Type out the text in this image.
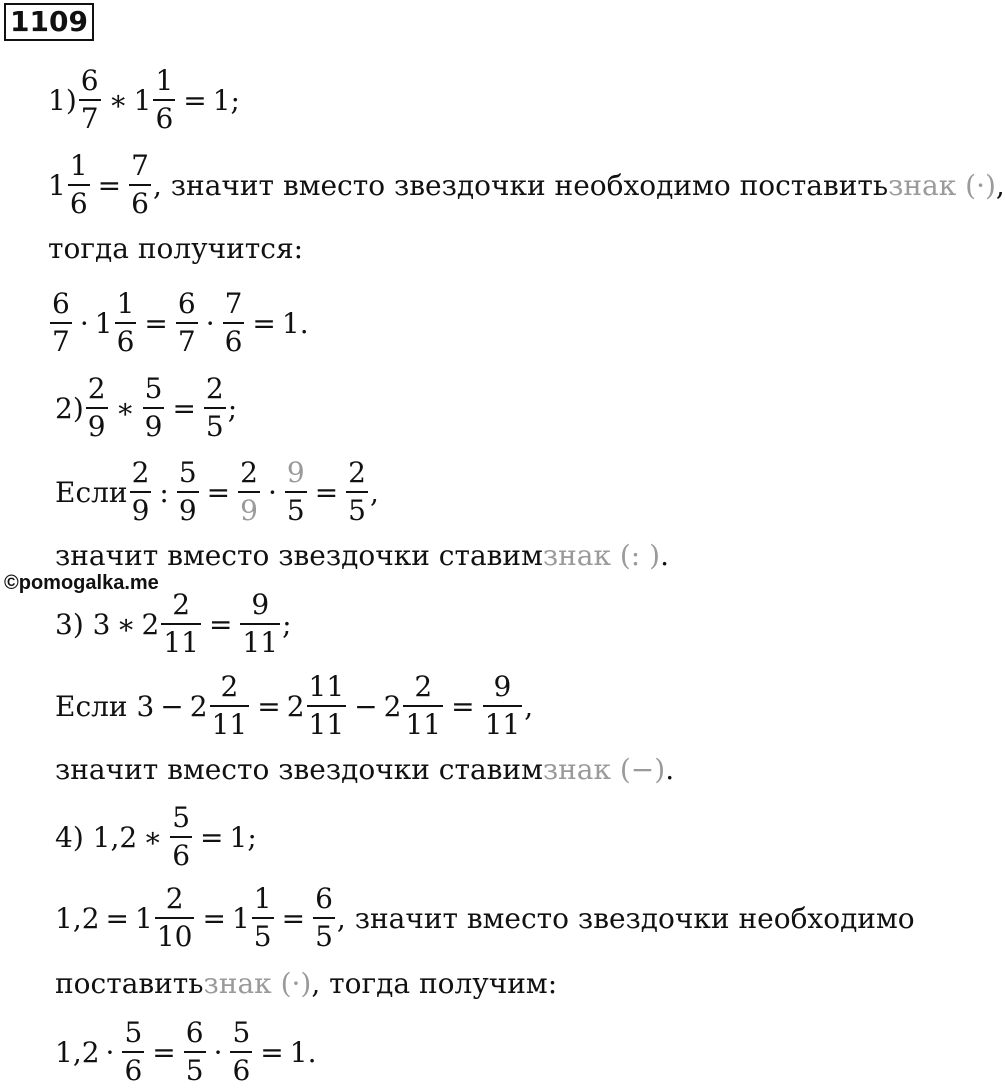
1109
$1) \frac{6}{7}$ ∗ $1 \frac{1}{6} = 1$;
$1 \frac{1}{6} = \frac{7}{6}$ , значит вместо звездочки необходимо поставить знак (·) ,
тогда получится:
$\frac{6}{7} \cdot 1 \frac{1}{6} = \frac{6}{7} \cdot \frac{7}{6} = 1$.
$2) \frac{2}{9}$ ∗ $\frac{5}{9} = \frac{2}{5}$ ;
Если $\frac{2}{9}$ : $\frac{5}{9} = \frac{2}{9} \cdot \frac{9}{5} = \frac{2}{5}$ ,
значит вместо звездочки ставим знак (: ) .
©pomogalka.me
3) 3 ∗ $2 \frac{2}{11} = \frac{9}{11}$ ;
Если $3 - 2 \frac{2}{11} = 2 \frac{11}{11} - 2 \frac{2}{11} = \frac{9}{11}$ ,
значит вместо звездочки ставим знак (−) .
4) 1,2 ∗ $\frac{5}{6} = 1$;
$1,2 = 1 \frac{2}{10} = 1 \frac{1}{5} = \frac{6}{5}$ , значит вместо звездочки необходимо
поставить знак (·) , тогда получим:
$1,2 \cdot \frac{5}{6} = \frac{6}{5} \cdot \frac{5}{6} = 1$.
